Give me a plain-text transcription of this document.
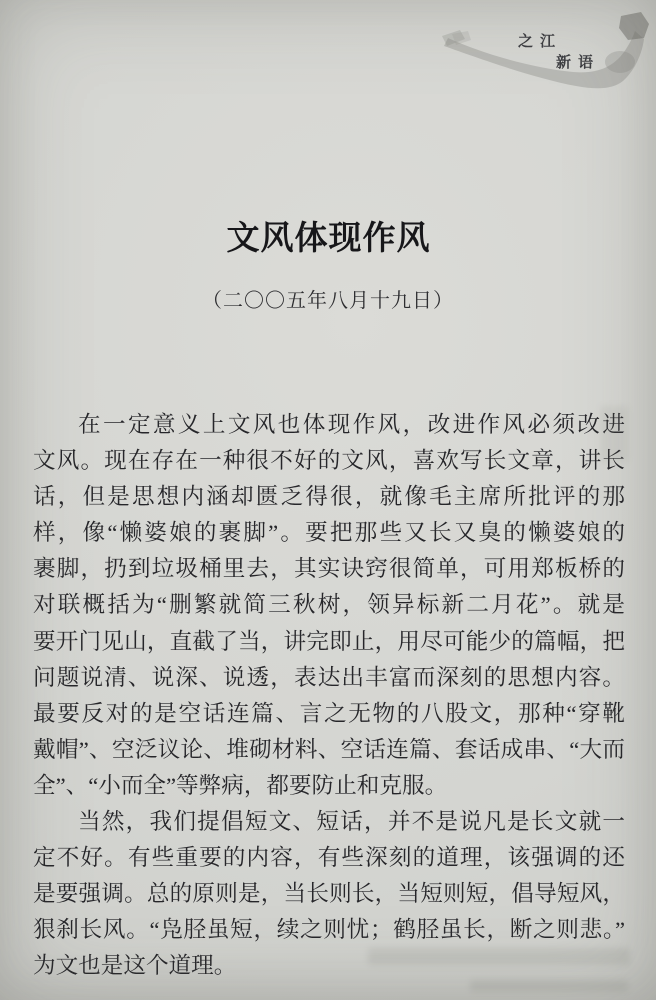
之江
新语
文风体现作风
（二〇〇五年八月十九日）
在一定意义上文风也体现作风，改进作风必须改进
文风。现在存在一种很不好的文风，喜欢写长文章，讲长
话，但是思想内涵却匮乏得很，就像毛主席所批评的那
样，像“懒婆娘的裹脚”。要把那些又长又臭的懒婆娘的
裹脚，扔到垃圾桶里去，其实诀窍很简单，可用郑板桥的
对联概括为“删繁就简三秋树，领异标新二月花”。就是
要开门见山，直截了当，讲完即止，用尽可能少的篇幅，把
问题说清、说深、说透，表达出丰富而深刻的思想内容。
最要反对的是空话连篇、言之无物的八股文，那种“穿靴
戴帽”、空泛议论、堆砌材料、空话连篇、套话成串、“大而
全”、“小而全”等弊病，都要防止和克服。
当然，我们提倡短文、短话，并不是说凡是长文就一
定不好。有些重要的内容，有些深刻的道理，该强调的还
是要强调。总的原则是，当长则长，当短则短，倡导短风，
狠刹长风。“凫胫虽短，续之则忧；鹤胫虽长，断之则悲。”
为文也是这个道理。
